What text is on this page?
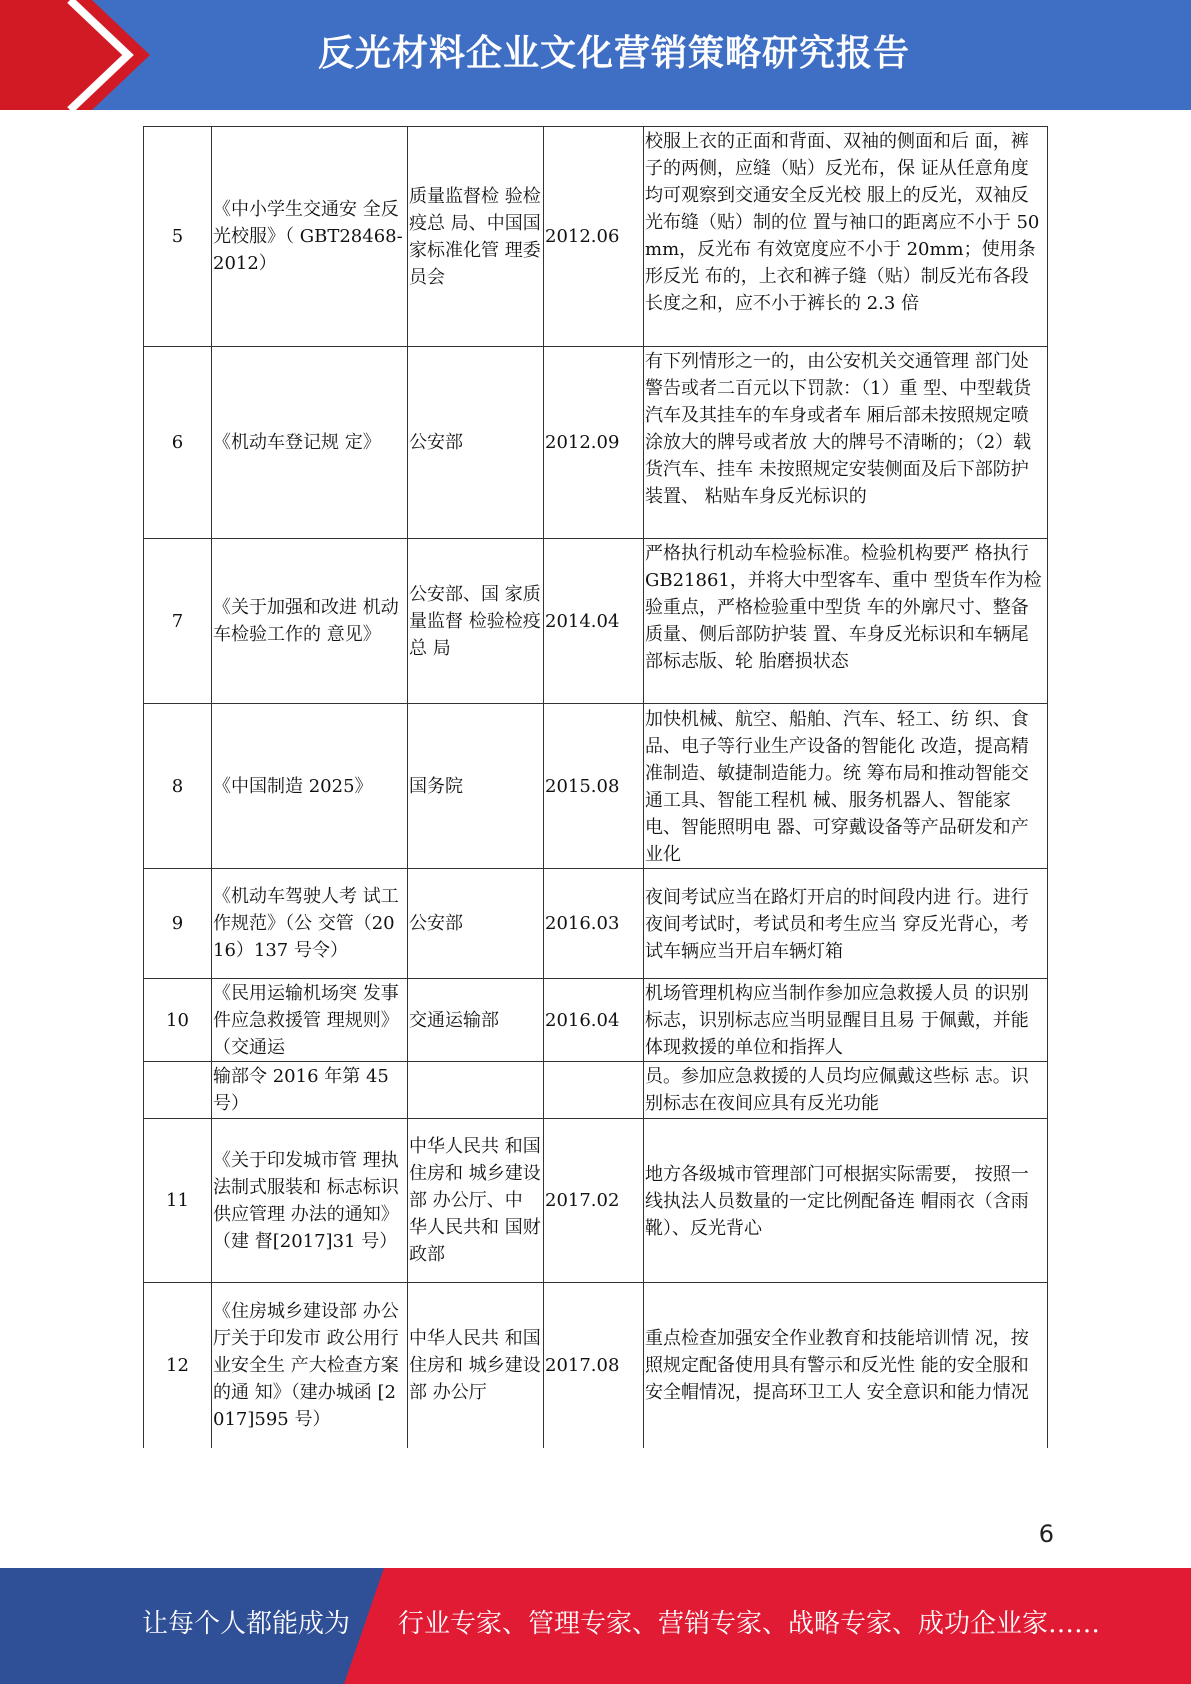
反光材料企业文化营销策略研究报告
5	《中小学生交通安 全反光校服》（ GBT28468-2012）	质量监督检 验检疫总 局、中国国 家标准化管 理委员会	2012.06	校服上衣的正面和背面、双袖的侧面和后 面，裤子的两侧，应缝（贴）反光布，保 证从任意角度均可观察到交通安全反光校 服上的反光，双袖反光布缝（贴）制的位 置与袖口的距离应不小于 50mm，反光布 有效宽度应不小于 20mm；使用条形反光 布的，上衣和裤子缝（贴）制反光布各段 长度之和，应不小于裤长的 2.3 倍
6	《机动车登记规 定》	公安部	2012.09	有下列情形之一的，由公安机关交通管理 部门处警告或者二百元以下罚款：（1）重 型、中型载货汽车及其挂车的车身或者车 厢后部未按照规定喷涂放大的牌号或者放 大的牌号不清晰的；（2）载货汽车、挂车 未按照规定安装侧面及后下部防护装置、 粘贴车身反光标识的
7	《关于加强和改进 机动车检验工作的 意见》	公安部、国 家质量监督 检验检疫总 局	2014.04	严格执行机动车检验标准。检验机构要严 格执行 GB21861，并将大中型客车、重中 型货车作为检验重点，严格检验重中型货 车的外廓尺寸、整备质量、侧后部防护装 置、车身反光标识和车辆尾部标志版、轮 胎磨损状态
8	《中国制造 2025》	国务院	2015.08	加快机械、航空、船舶、汽车、轻工、纺 织、食品、电子等行业生产设备的智能化 改造，提高精准制造、敏捷制造能力。统 筹布局和推动智能交通工具、智能工程机 械、服务机器人、智能家电、智能照明电 器、可穿戴设备等产品研发和产业化
9	《机动车驾驶人考 试工作规范》（公 交管（2016）137 号令）	公安部	2016.03	夜间考试应当在路灯开启的时间段内进 行。进行夜间考试时，考试员和考生应当 穿反光背心，考试车辆应当开启车辆灯箱
10	《民用运输机场突 发事件应急救援管 理规则》（交通运	交通运输部	2016.04	机场管理机构应当制作参加应急救援人员 的识别标志，识别标志应当明显醒目且易 于佩戴，并能体现救援的单位和指挥人
	输部令 2016 年第 45 号）			员。参加应急救援的人员均应佩戴这些标 志。识别标志在夜间应具有反光功能
11	《关于印发城市管 理执法制式服装和 标志标识供应管理 办法的通知》（建 督[2017]31 号）	中华人民共 和国住房和 城乡建设部 办公厅、中 华人民共和 国财政部	2017.02	地方各级城市管理部门可根据实际需要， 按照一线执法人员数量的一定比例配备连 帽雨衣（含雨靴）、反光背心
12	《住房城乡建设部 办公厅关于印发市 政公用行业安全生 产大检查方案的通 知》（建办城函 [2017]595 号）	中华人民共 和国住房和 城乡建设部 办公厅	2017.08	重点检查加强安全作业教育和技能培训情 况，按照规定配备使用具有警示和反光性 能的安全服和安全帽情况，提高环卫工人 安全意识和能力情况
6
让每个人都能成为 行业专家、管理专家、营销专家、战略专家、成功企业家……
